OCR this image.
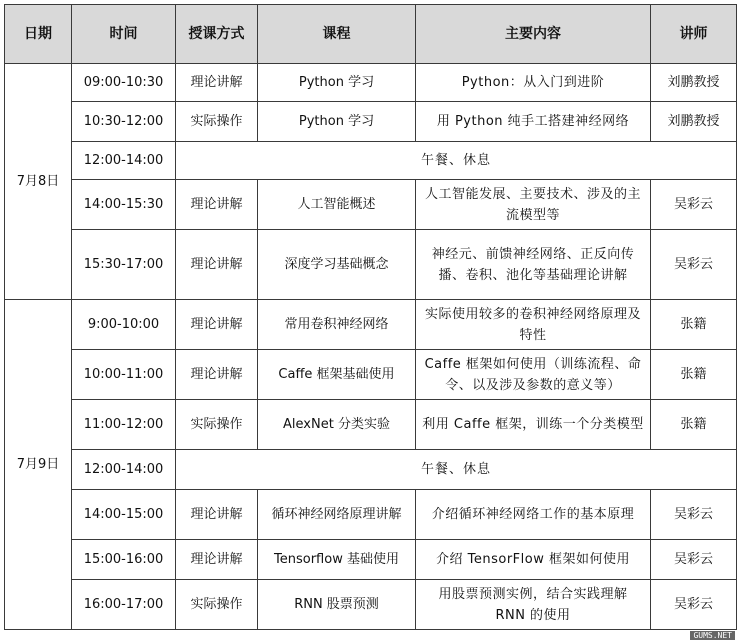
日期	时间	授课方式	课程	主要内容	讲师
7月8日	09:00-10:30	理论讲解	Python 学习	Python：从入门到进阶	刘鹏教授
	10:30-12:00	实际操作	Python 学习	用 Python 纯手工搭建神经网络	刘鹏教授
	12:00-14:00	午餐、休息			
	14:00-15:30	理论讲解	人工智能概述	人工智能发展、主要技术、涉及的主流模型等	吴彩云
	15:30-17:00	理论讲解	深度学习基础概念	神经元、前馈神经网络、正反向传播、卷积、池化等基础理论讲解	吴彩云
7月9日	9:00-10:00	理论讲解	常用卷积神经网络	实际使用较多的卷积神经网络原理及特性	张籍
	10:00-11:00	理论讲解	Caffe 框架基础使用	Caffe 框架如何使用（训练流程、命令、以及涉及参数的意义等）	张籍
	11:00-12:00	实际操作	AlexNet 分类实验	利用 Caffe 框架，训练一个分类模型	张籍
	12:00-14:00	午餐、休息			
	14:00-15:00	理论讲解	循环神经网络原理讲解	介绍循环神经网络工作的基本原理	吴彩云
	15:00-16:00	理论讲解	Tensorflow 基础使用	介绍 TensorFlow 框架如何使用	吴彩云
	16:00-17:00	实际操作	RNN 股票预测	用股票预测实例，结合实践理解 RNN 的使用	吴彩云
GUMS.NET
